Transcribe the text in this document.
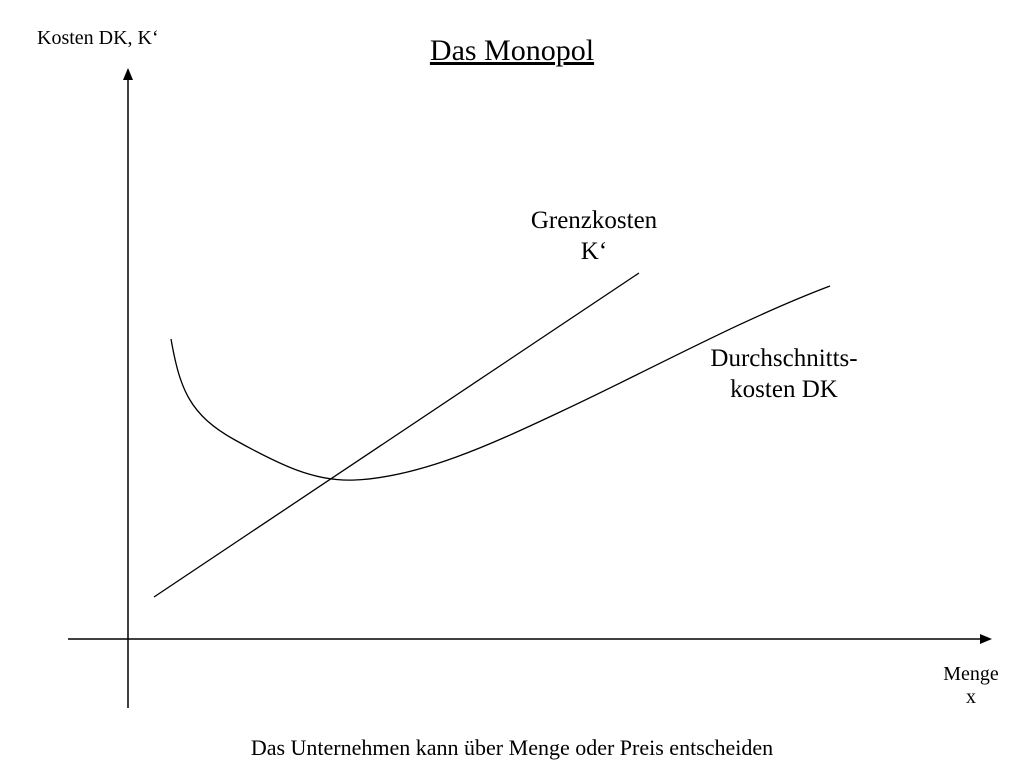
Das Monopol
Kosten DK, K‘
Grenzkosten
K‘
Durchschnitts-
kosten DK
Menge
x
Das Unternehmen kann über Menge oder Preis entscheiden
